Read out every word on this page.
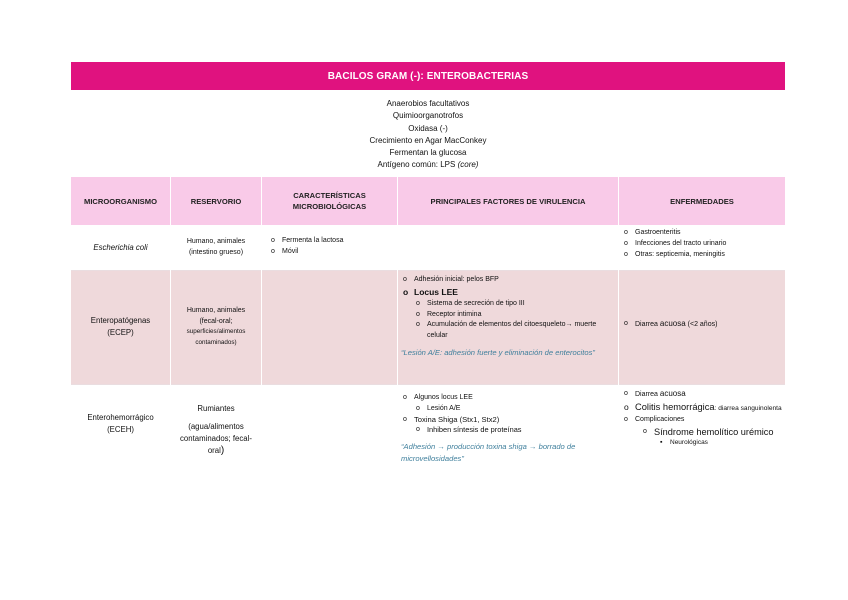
BACILOS GRAM (-): ENTEROBACTERIAS
Anaerobios facultativos
Quimioorganotrofos
Oxidasa (-)
Crecimiento en Agar MacConkey
Fermentan la glucosa
Antígeno común: LPS (core)
MICROORGANISMO	RESERVORIO
CARACTERÍSTICAS MICROBIOLÓGICAS
PRINCIPALES FACTORES DE VIRULENCIA	ENFERMEDADES
Escherichia coli
Humano, animales (intestino grueso)
o Fermenta la lactosa
o Móvil
o Gastroenteritis
o Infecciones del tracto urinario
o Otras: septicemia, meningitis
Enteropatógenas
(ECEP)
Humano, animales
(fecal-oral;
superficies/alimentos contaminados)
o Adhesión inicial: pelos BFP
o Locus LEE
o Sistema de secreción de tipo III
o Receptor intimina
o Acumulación de elementos del citoesqueleto→ muerte celular
“Lesión A/E: adhesión fuerte y eliminación de enterocitos”
o Diarrea acuosa (<2 años)
Enterohemorrágico
(ECEH)
Rumiantes
(agua/alimentos contaminados; fecal-oral)
o Algunos locus LEE
o Lesión A/E
o Toxina Shiga (Stx1, Stx2)
o Inhiben síntesis de proteínas
“Adhesión → producción toxina shiga → borrado de microvellosidades”
o Diarrea acuosa
o Colitis hemorrágica: diarrea sanguinolenta
o Complicaciones
o Síndrome hemolítico urémico
▪ Neurológicas
